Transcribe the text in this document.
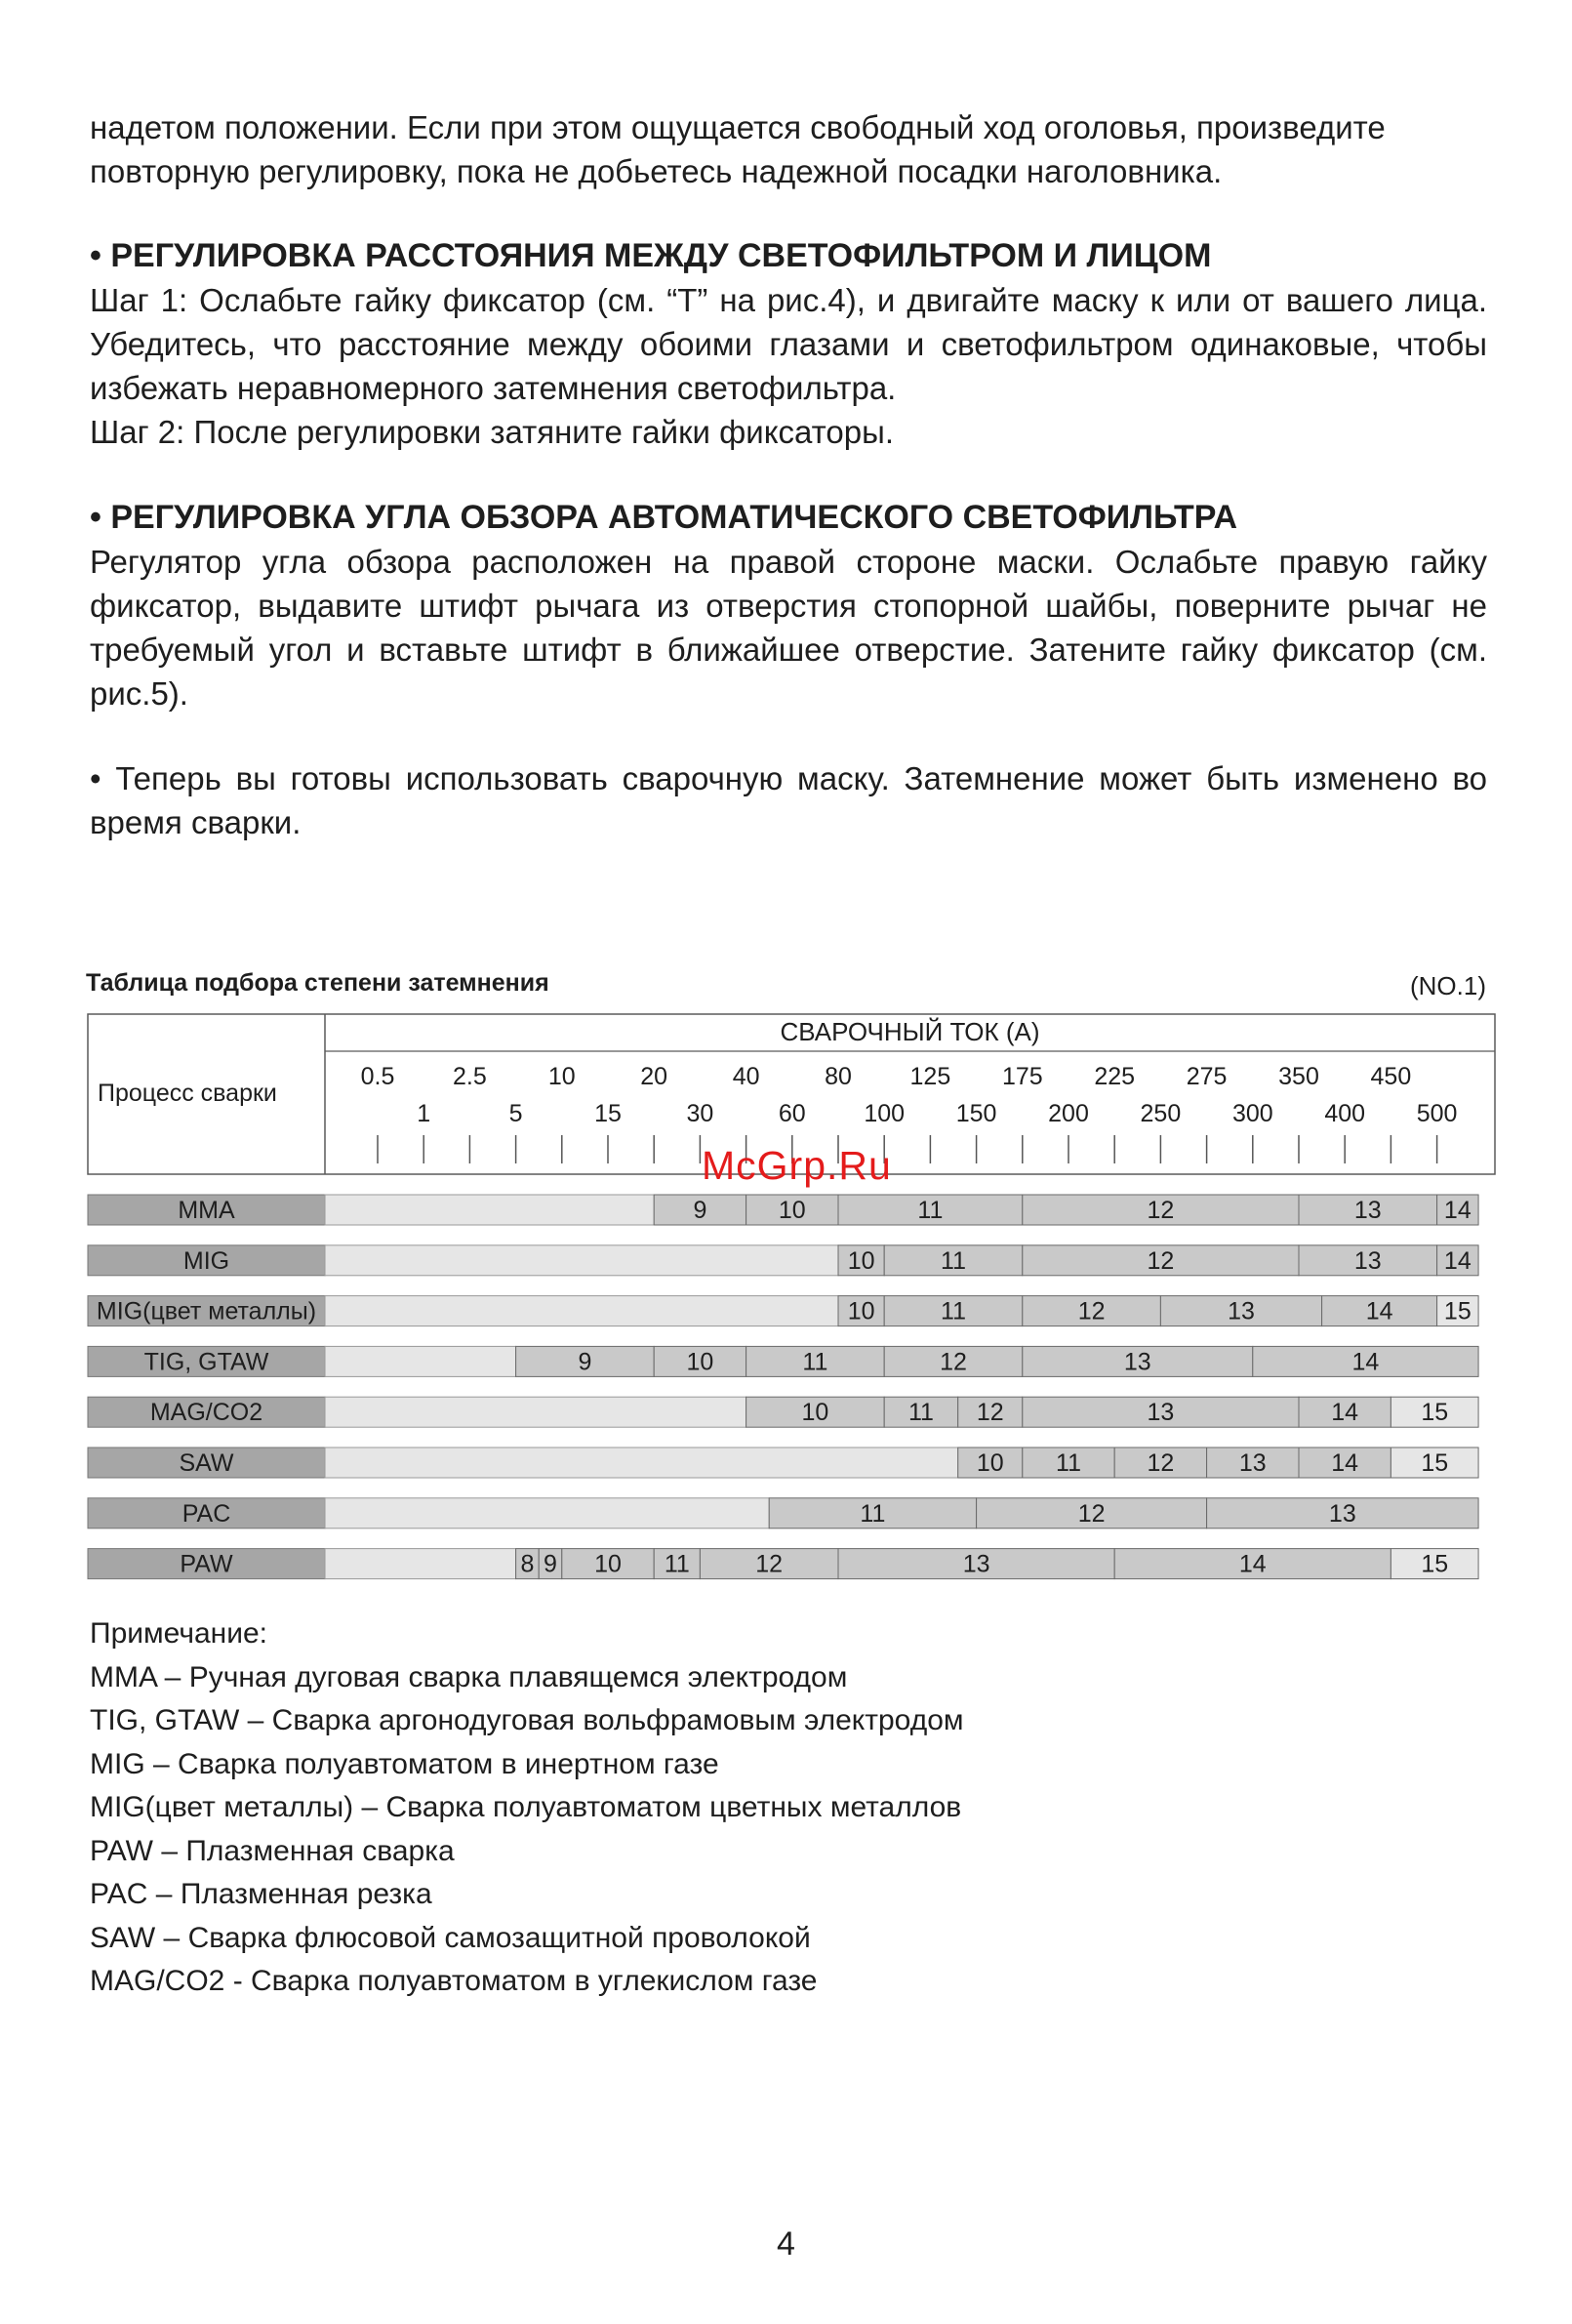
надетом положении. Если при этом ощущается свободный ход оголовья, произведите

повторную регулировку, пока не добьетесь надежной посадки наголовника.

• РЕГУЛИРОВКА РАССТОЯНИЯ МЕЖДУ СВЕТОФИЛЬТРОМ И ЛИЦОМ

Шаг 1: Ослабьте гайку фиксатор (см. “Т” на рис.4), и двигайте маску к или от вашего лица. Убедитесь, что расстояние между обоими глазами и светофильтром одинаковые, чтобы избежать неравномерного затемнения светофильтра.

Шаг 2: После регулировки затяните гайки фиксаторы.

• РЕГУЛИРОВКА УГЛА ОБЗОРА АВТОМАТИЧЕСКОГО СВЕТОФИЛЬТРА

Регулятор угла обзора расположен на правой стороне маски. Ослабьте правую гайку фиксатор, выдавите штифт рычага из отверстия стопорной шайбы, поверните рычаг не требуемый угол и вставьте штифт в ближайшее отверстие. Затените гайку фиксатор (см. рис.5).

• Теперь вы готовы использовать сварочную маску. Затемнение может быть изменено во время сварки.

Таблица подбора степени затемнения	(NO.1)
Процесс сварки
СВАРОЧНЫЙ ТОК (А)
0.5
1
2.5
5
10
15
20
30
40
60
80
100
125
150
175
200
225
250
275
300
350
400
450
500
MMA	9	10	11	12	13	14
MIG	10	11	12	13	14
MIG(цвет металлы)	10	11	12	13	14 15
TIG, GTAW	9	10	11	12	13	14
MAG/CO2	10	11 12	13	14	15
SAW	10 11	12	13	14	15
PAC	11	12	13
PAW	8 9 10 11	12	13	14	15
McGrp.Ru
Примечание:
MMA – Ручная дуговая сварка плавящемся электродом
TIG, GTAW – Сварка аргонодуговая вольфрамовым электродом
MIG – Сварка полуавтоматом в инертном газе
MIG(цвет металлы) – Сварка полуавтоматом цветных металлов
PAW – Плазменная сварка
PAC – Плазменная резка
SAW – Сварка флюсовой самозащитной проволокой
MAG/CO2 - Сварка полуавтоматом в углекислом газе
4
